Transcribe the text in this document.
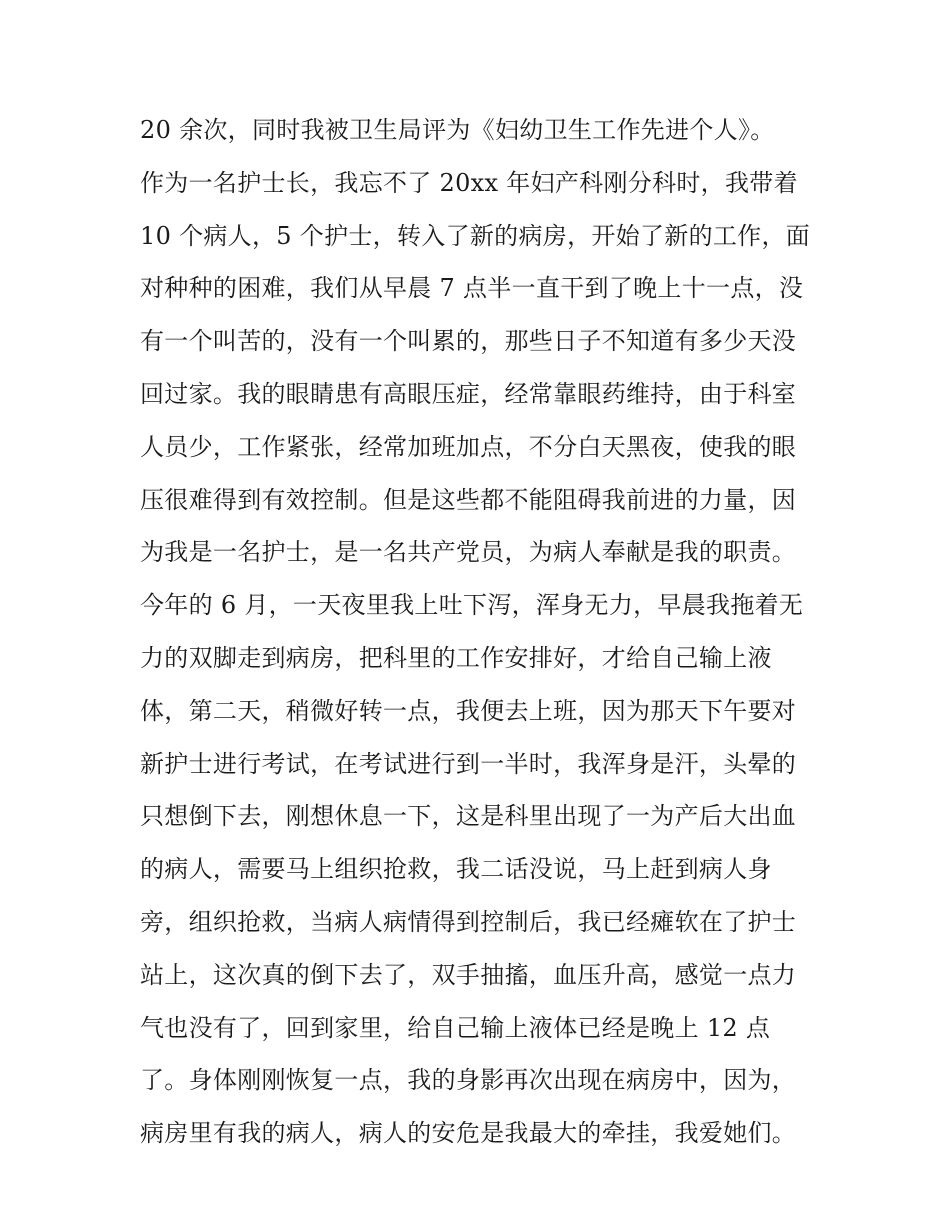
20 余次，同时我被卫生局评为《妇幼卫生工作先进个人》。
作为一名护士长，我忘不了 20xx 年妇产科刚分科时，我带着
10 个病人，5 个护士，转入了新的病房，开始了新的工作，面
对种种的困难，我们从早晨 7 点半一直干到了晚上十一点，没
有一个叫苦的，没有一个叫累的，那些日子不知道有多少天没
回过家。我的眼睛患有高眼压症，经常靠眼药维持，由于科室
人员少，工作紧张，经常加班加点，不分白天黑夜，使我的眼
压很难得到有效控制。但是这些都不能阻碍我前进的力量，因
为我是一名护士，是一名共产党员，为病人奉献是我的职责。
今年的 6 月，一天夜里我上吐下泻，浑身无力，早晨我拖着无
力的双脚走到病房，把科里的工作安排好，才给自己输上液
体，第二天，稍微好转一点，我便去上班，因为那天下午要对
新护士进行考试，在考试进行到一半时，我浑身是汗，头晕的
只想倒下去，刚想休息一下，这是科里出现了一为产后大出血
的病人，需要马上组织抢救，我二话没说，马上赶到病人身
旁，组织抢救，当病人病情得到控制后，我已经瘫软在了护士
站上，这次真的倒下去了，双手抽搐，血压升高，感觉一点力
气也没有了，回到家里，给自己输上液体已经是晚上 12 点
了。身体刚刚恢复一点，我的身影再次出现在病房中，因为，
病房里有我的病人，病人的安危是我最大的牵挂，我爱她们。
